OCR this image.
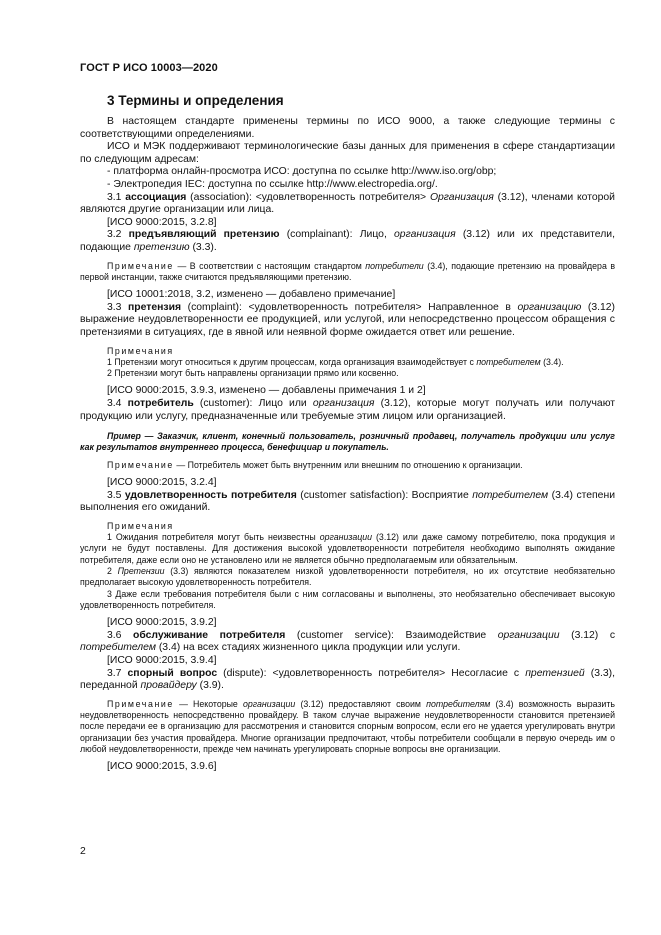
ГОСТ Р ИСО 10003—2020
3 Термины и определения

В настоящем стандарте применены термины по ИСО 9000, а также следующие термины с соответствующими определениями.

ИСО и МЭК поддерживают терминологические базы данных для применения в сфере стандартизации по следующим адресам:

- платформа онлайн-просмотра ИСО: доступна по ссылке http://www.iso.org/obp;

- Электропедия IEC: доступна по ссылке http://www.electropedia.org/.

3.1 ассоциация (association): <удовлетворенность потребителя> Организация (3.12), членами которой являются другие организации или лица.

[ИСО 9000:2015, 3.2.8]

3.2 предъявляющий претензию (complainant): Лицо, организация (3.12) или их представители, подающие претензию (3.3).

Примечание — В соответствии с настоящим стандартом потребители (3.4), подающие претензию на провайдера в первой инстанции, также считаются предъявляющими претензию.

[ИСО 10001:2018, 3.2, изменено — добавлено примечание]

3.3 претензия (complaint): <удовлетворенность потребителя> Направленное в организацию (3.12) выражение неудовлетворенности ее продукцией, или услугой, или непосредственно процессом обращения с претензиями в ситуациях, где в явной или неявной форме ожидается ответ или решение.

Примечания

1 Претензии могут относиться к другим процессам, когда организация взаимодействует с потребителем (3.4).

2 Претензии могут быть направлены организации прямо или косвенно.

[ИСО 9000:2015, 3.9.3, изменено — добавлены примечания 1 и 2]

3.4 потребитель (customer): Лицо или организация (3.12), которые могут получать или получают продукцию или услугу, предназначенные или требуемые этим лицом или организацией.

Пример — Заказчик, клиент, конечный пользователь, розничный продавец, получатель продукции или услуг как результатов внутреннего процесса, бенефициар и покупатель.

Примечание — Потребитель может быть внутренним или внешним по отношению к организации.

[ИСО 9000:2015, 3.2.4]

3.5 удовлетворенность потребителя (customer satisfaction): Восприятие потребителем (3.4) степени выполнения его ожиданий.

Примечания

1 Ожидания потребителя могут быть неизвестны организации (3.12) или даже самому потребителю, пока продукция и услуги не будут поставлены. Для достижения высокой удовлетворенности потребителя необходимо выполнять ожидание потребителя, даже если оно не установлено или не является обычно предполагаемым или обязательным.

2 Претензии (3.3) являются показателем низкой удовлетворенности потребителя, но их отсутствие необязательно предполагает высокую удовлетворенность потребителя.

3 Даже если требования потребителя были с ним согласованы и выполнены, это необязательно обеспечивает высокую удовлетворенность потребителя.

[ИСО 9000:2015, 3.9.2]

3.6 обслуживание потребителя (customer service): Взаимодействие организации (3.12) с потребителем (3.4) на всех стадиях жизненного цикла продукции или услуги.

[ИСО 9000:2015, 3.9.4]

3.7 спорный вопрос (dispute): <удовлетворенность потребителя> Несогласие с претензией (3.3), переданной провайдеру (3.9).

Примечание — Некоторые организации (3.12) предоставляют своим потребителям (3.4) возможность выразить неудовлетворенность непосредственно провайдеру. В таком случае выражение неудовлетворенности становится претензией после передачи ее в организацию для рассмотрения и становится спорным вопросом, если его не удается урегулировать внутри организации без участия провайдера. Многие организации предпочитают, чтобы потребители сообщали в первую очередь им о любой неудовлетворенности, прежде чем начинать урегулировать спорные вопросы вне организации.

[ИСО 9000:2015, 3.9.6]

2
